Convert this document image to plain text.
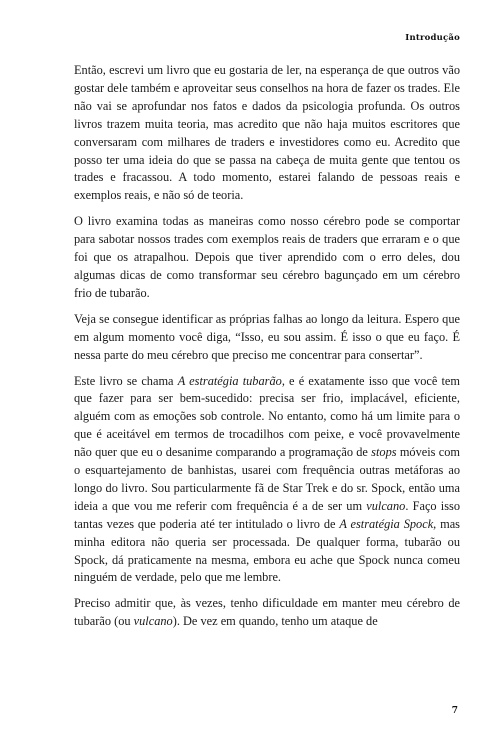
Introdução

Então, escrevi um livro que eu gostaria de ler, na esperança de que outros vão gostar dele também e aproveitar seus conselhos na hora de fazer os trades. Ele não vai se aprofundar nos fatos e dados da psicologia profunda. Os outros livros trazem muita teoria, mas acredito que não haja muitos escritores que conversaram com milhares de traders e investidores como eu. Acredito que posso ter uma ideia do que se passa na cabeça de muita gente que tentou os trades e fracassou. A todo momento, estarei falando de pessoas reais e exemplos reais, e não só de teoria.

O livro examina todas as maneiras como nosso cérebro pode se comportar para sabotar nossos trades com exemplos reais de traders que erraram e o que foi que os atrapalhou. Depois que tiver aprendido com o erro deles, dou algumas dicas de como transformar seu cérebro bagunçado em um cérebro frio de tubarão.

Veja se consegue identificar as próprias falhas ao longo da leitura. Espero que em algum momento você diga, “Isso, eu sou assim. É isso o que eu faço. É nessa parte do meu cérebro que preciso me concentrar para consertar”.

Este livro se chama A estratégia tubarão, e é exatamente isso que você tem que fazer para ser bem-sucedido: precisa ser frio, implacável, eficiente, alguém com as emoções sob controle. No entanto, como há um limite para o que é aceitável em termos de trocadilhos com peixe, e você provavelmente não quer que eu o desanime comparando a programação de stops móveis com o esquartejamento de banhistas, usarei com frequência outras metáforas ao longo do livro. Sou particularmente fã de Star Trek e do sr. Spock, então uma ideia a que vou me referir com frequência é a de ser um vulcano. Faço isso tantas vezes que poderia até ter intitulado o livro de A estratégia Spock, mas minha editora não queria ser processada. De qualquer forma, tubarão ou Spock, dá praticamente na mesma, embora eu ache que Spock nunca comeu ninguém de verdade, pelo que me lembre.

Preciso admitir que, às vezes, tenho dificuldade em manter meu cérebro de tubarão (ou vulcano). De vez em quando, tenho um ataque de

7
